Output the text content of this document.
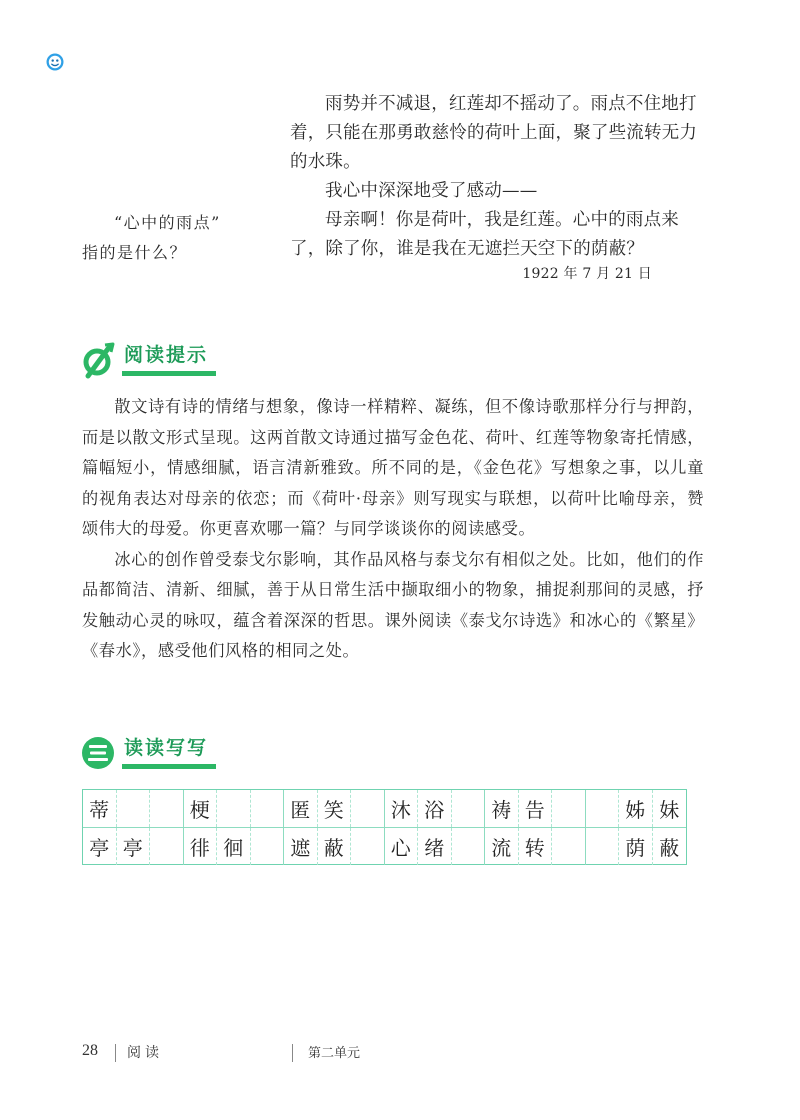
雨势并不减退，红莲却不摇动了。雨点不住地打着，只能在那勇敢慈怜的荷叶上面，聚了些流转无力的水珠。

我心中深深地受了感动——

母亲啊！你是荷叶，我是红莲。心中的雨点来了，除了你，谁是我在无遮拦天空下的荫蔽？

1922 年 7 月 21 日

“心中的雨点”
指的是什么？
阅读提示

散文诗有诗的情绪与想象，像诗一样精粹、凝练，但不像诗歌那样分行与押韵，而是以散文形式呈现。这两首散文诗通过描写金色花、荷叶、红莲等物象寄托情感，篇幅短小，情感细腻，语言清新雅致。所不同的是，《金色花》写想象之事，以儿童的视角表达对母亲的依恋；而《荷叶·母亲》则写现实与联想，以荷叶比喻母亲，赞颂伟大的母爱。你更喜欢哪一篇？与同学谈谈你的阅读感受。

冰心的创作曾受泰戈尔影响，其作品风格与泰戈尔有相似之处。比如，他们的作品都简洁、清新、细腻，善于从日常生活中撷取细小的物象，捕捉刹那间的灵感，抒发触动心灵的咏叹，蕴含着深深的哲思。课外阅读《泰戈尔诗选》和冰心的《繁星》《春水》，感受他们风格的相同之处。

读读写写
蒂	梗	匿 笑	沐 浴	祷 告	姊 妹
亭 亭	徘 徊	遮 蔽	心 绪	流 转	荫 蔽
28 阅读	第二单元
